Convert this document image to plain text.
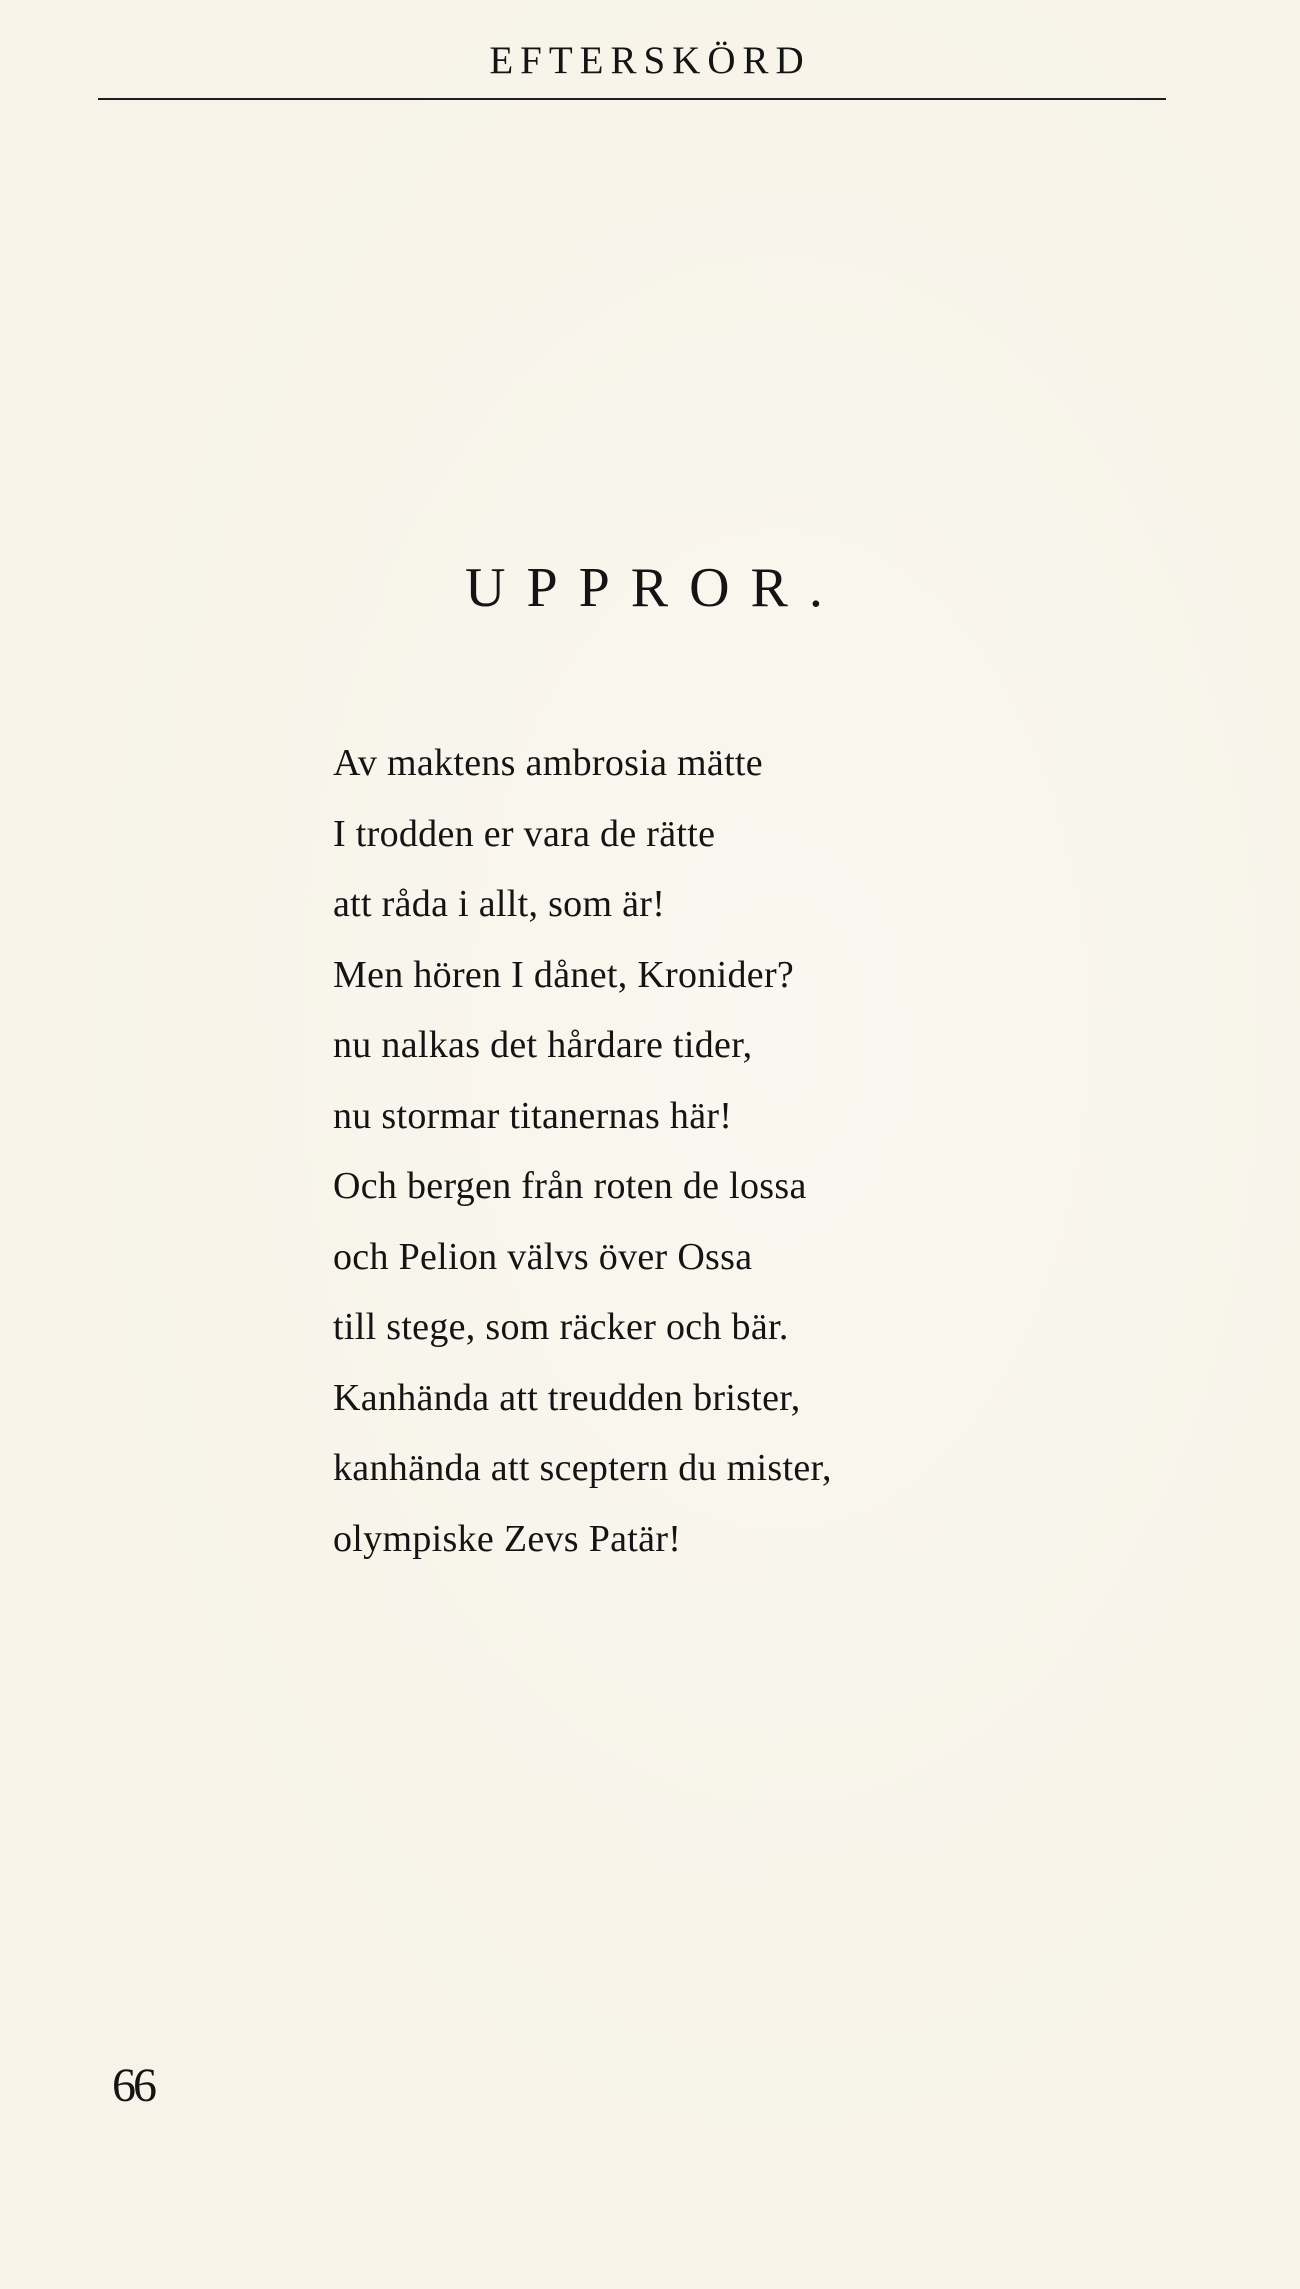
EFTERSKÖRD
UPPROR.
Av maktens ambrosia mätte
I trodden er vara de rätte
att råda i allt, som är!
Men hören I dånet, Kronider?
nu nalkas det hårdare tider,
nu stormar titanernas här!
Och bergen från roten de lossa
och Pelion välvs över Ossa
till stege, som räcker och bär.
Kanhända att treudden brister,
kanhända att sceptern du mister,
olympiske Zevs Patär!
66
